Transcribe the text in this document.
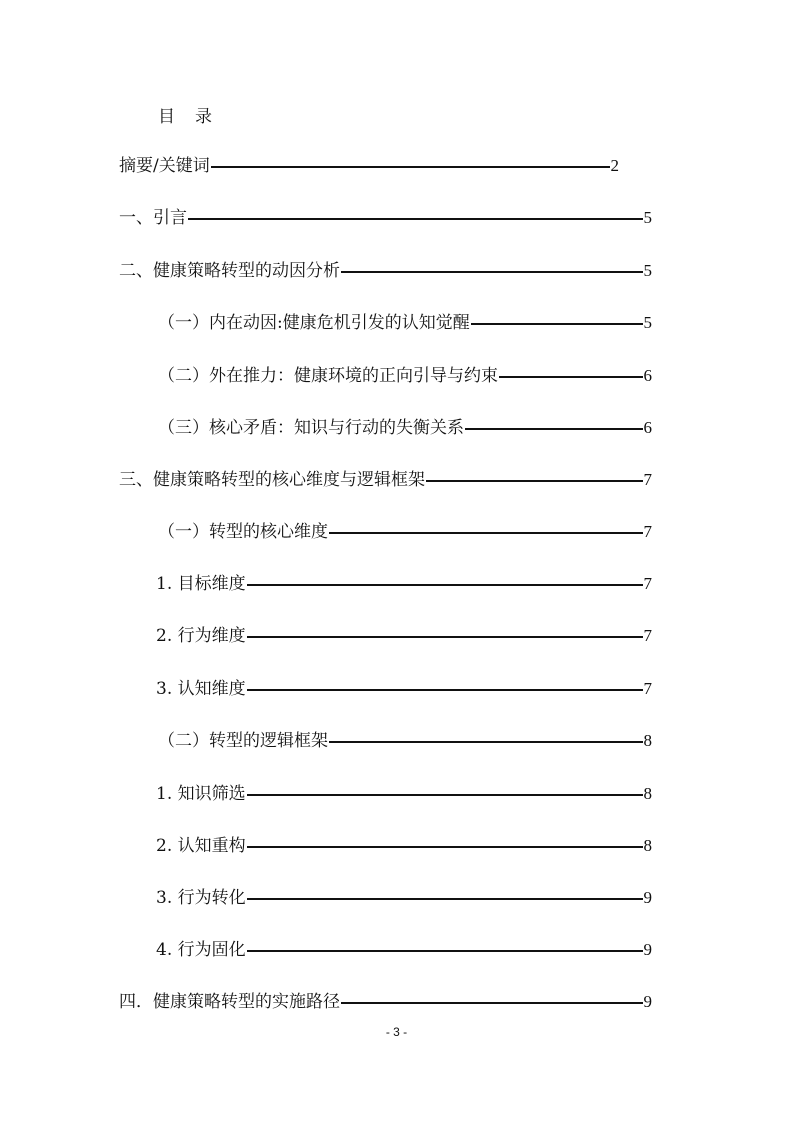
目录
摘要/关键词	2
一、引言	5
二、健康策略转型的动因分析	5
（一）内在动因:健康危机引发的认知觉醒	5
（二）外在推力：健康环境的正向引导与约束	6
（三）核心矛盾：知识与行动的失衡关系	6
三、健康策略转型的核心维度与逻辑框架	7
（一）转型的核心维度	7
1. 目标维度	7
2. 行为维度	7
3. 认知维度	7
（二）转型的逻辑框架	8
1. 知识筛选	8
2. 认知重构	8
3. 行为转化	9
4. 行为固化	9
四．健康策略转型的实施路径	9
- 3 -
